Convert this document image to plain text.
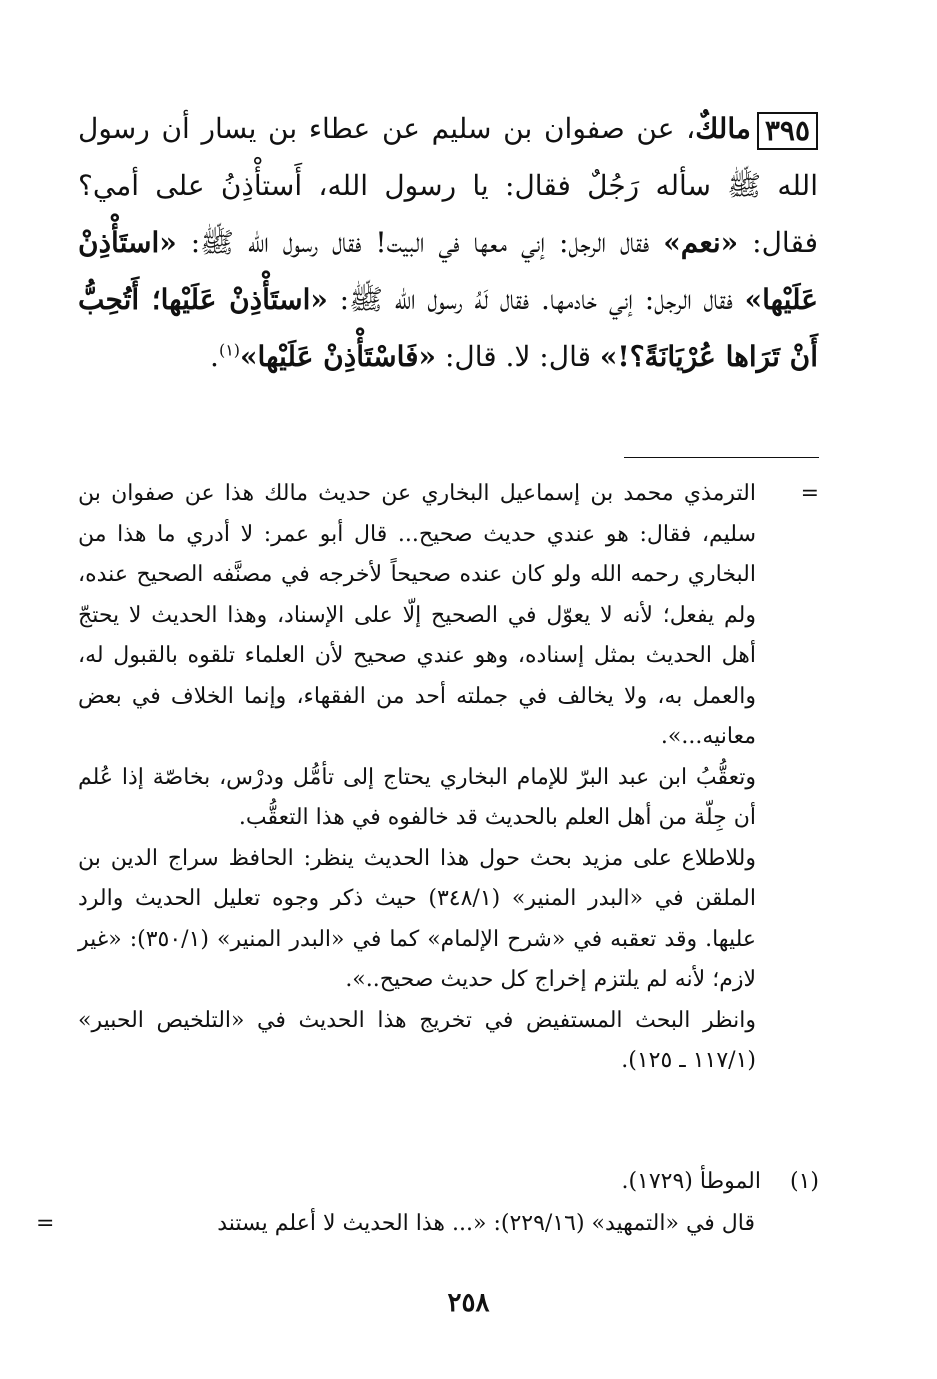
٣٩٥مالكٌ، عن صفوان بن سليم عن عطاء بن يسار أن رسول الله ﷺ سأله رَجُلٌ فقال: يا رسول الله، أَستأْذِنُ على أمي؟ فقال: «نعم» فقال الرجل: إني معها في البيت! فقال رسول الله ﷺ: «استَأْذِنْ عَلَيْها» فقال الرجل: إني خادمها. فقال لَهُ رسول الله ﷺ: «استَأْذِنْ عَلَيْها؛ أَتُحِبُّ أَنْ تَرَاها عُرْيَانَةً؟!» قال: لا. قال: «فَاسْتَأْذِنْ عَلَيْها»$^{(١)}$.

=

الترمذي محمد بن إسماعيل البخاري عن حديث مالك هذا عن صفوان بن سليم، فقال: هو عندي حديث صحيح... قال أبو عمر: لا أدري ما هذا من البخاري رحمه الله ولو كان عنده صحيحاً لأخرجه في مصنَّفه الصحيح عنده، ولم يفعل؛ لأنه لا يعوّل في الصحيح إلّا على الإسناد، وهذا الحديث لا يحتجّ أهل الحديث بمثل إسناده، وهو عندي صحيح لأن العلماء تلقوه بالقبول له، والعمل به، ولا يخالف في جملته أحد من الفقهاء، وإنما الخلاف في بعض معانيه...».

وتعقُّبُ ابن عبد البرّ للإمام البخاري يحتاج إلى تأمُّل ودرْس، بخاصّة إذا عُلم أن جِلّة من أهل العلم بالحديث قد خالفوه في هذا التعقُّب.

وللاطلاع على مزيد بحث حول هذا الحديث ينظر: الحافظ سراج الدين بن الملقن في «البدر المنير» (٣٤٨/١) حيث ذكر وجوه تعليل الحديث والرد عليها. وقد تعقبه في «شرح الإلمام» كما في «البدر المنير» (٣٥٠/١): «غير لازم؛ لأنه لم يلتزم إخراج كل حديث صحيح..».

وانظر البحث المستفيض في تخريج هذا الحديث في «التلخيص الحبير» (١١٧/١ ـ ١٢٥).

(١)الموطأ (١٧٢٩).
قال في «التمهيد» (٢٢٩/١٦): «... هذا الحديث لا أعلم يستند
=
٢٥٨
